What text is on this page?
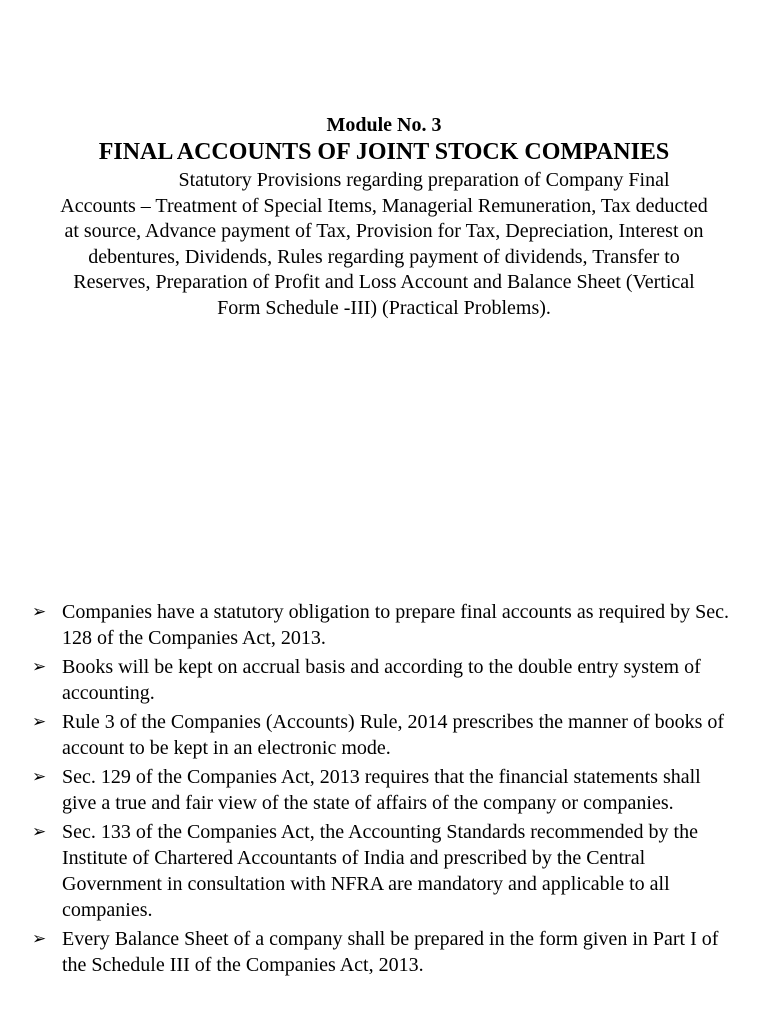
Module No. 3

FINAL ACCOUNTS OF JOINT STOCK COMPANIES

Statutory Provisions regarding preparation of Company Final Accounts – Treatment of Special Items, Managerial Remuneration, Tax deducted at source, Advance payment of Tax, Provision for Tax, Depreciation, Interest on debentures, Dividends, Rules regarding payment of dividends, Transfer to Reserves, Preparation of Profit and Loss Account and Balance Sheet (Vertical Form Schedule -III) (Practical Problems).

➢ Companies have a statutory obligation to prepare final accounts as required by Sec. 128 of the Companies Act, 2013.
➢ Books will be kept on accrual basis and according to the double entry system of accounting.
➢ Rule 3 of the Companies (Accounts) Rule, 2014 prescribes the manner of books of account to be kept in an electronic mode.
➢ Sec. 129 of the Companies Act, 2013 requires that the financial statements shall give a true and fair view of the state of affairs of the company or companies.
➢ Sec. 133 of the Companies Act, the Accounting Standards recommended by the Institute of Chartered Accountants of India and prescribed by the Central Government in consultation with NFRA are mandatory and applicable to all companies.
➢ Every Balance Sheet of a company shall be prepared in the form given in Part I of the Schedule III of the Companies Act, 2013.
